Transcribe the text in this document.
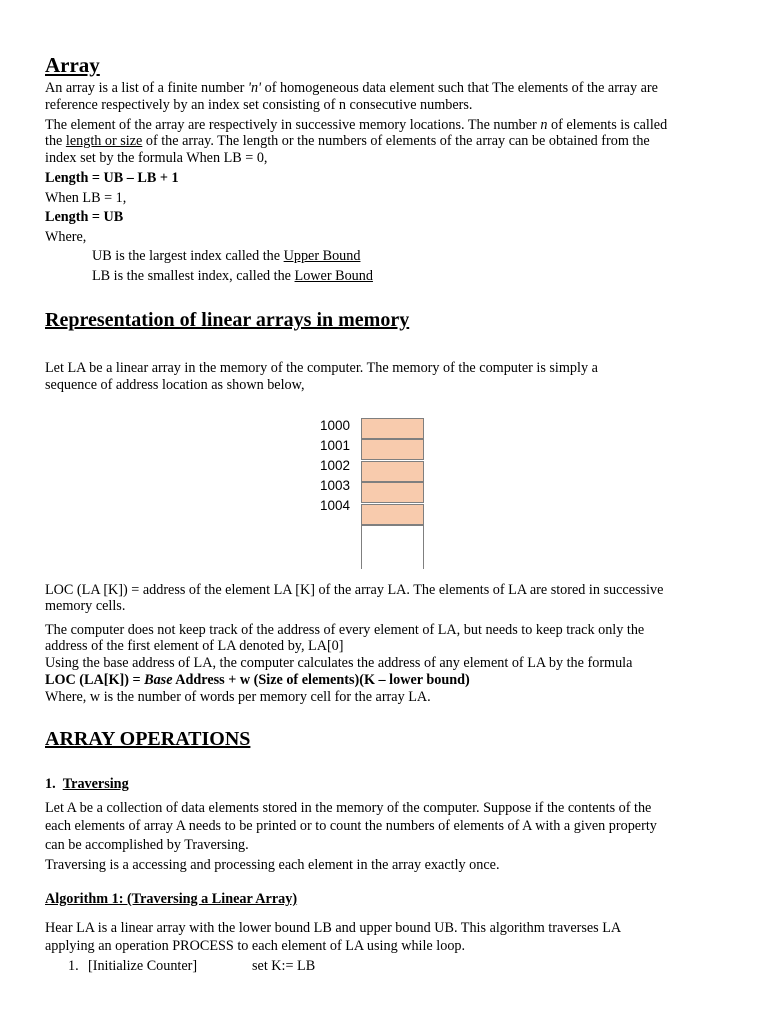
Array
An array is a list of a finite number 'n' of homogeneous data element such that The elements of the array are
reference respectively by an index set consisting of n consecutive numbers.
The element of the array are respectively in successive memory locations. The number n of elements is called
the length or size of the array. The length or the numbers of elements of the array can be obtained from the
index set by the formula When LB = 0,
Length = UB – LB + 1
When LB = 1,
Length = UB
Where,
UB is the largest index called the Upper Bound
LB is the smallest index, called the Lower Bound
Representation of linear arrays in memory
Let LA be a linear array in the memory of the computer. The memory of the computer is simply a
sequence of address location as shown below,
1000
1001
1002
1003
1004
LOC (LA [K]) = address of the element LA [K] of the array LA. The elements of LA are stored in successive
memory cells.
The computer does not keep track of the address of every element of LA, but needs to keep track only the
address of the first element of LA denoted by, LA[0]
Using the base address of LA, the computer calculates the address of any element of LA by the formula
LOC (LA[K]) = Base Address + w (Size of elements)(K – lower bound)
Where, w is the number of words per memory cell for the array LA.
ARRAY OPERATIONS
1. Traversing
Let A be a collection of data elements stored in the memory of the computer. Suppose if the contents of the
each elements of array A needs to be printed or to count the numbers of elements of A with a given property
can be accomplished by Traversing.
Traversing is a accessing and processing each element in the array exactly once.
Algorithm 1: (Traversing a Linear Array)
Hear LA is a linear array with the lower bound LB and upper bound UB. This algorithm traverses LA
applying an operation PROCESS to each element of LA using while loop.
1. [Initialize Counter]	set K:= LB
